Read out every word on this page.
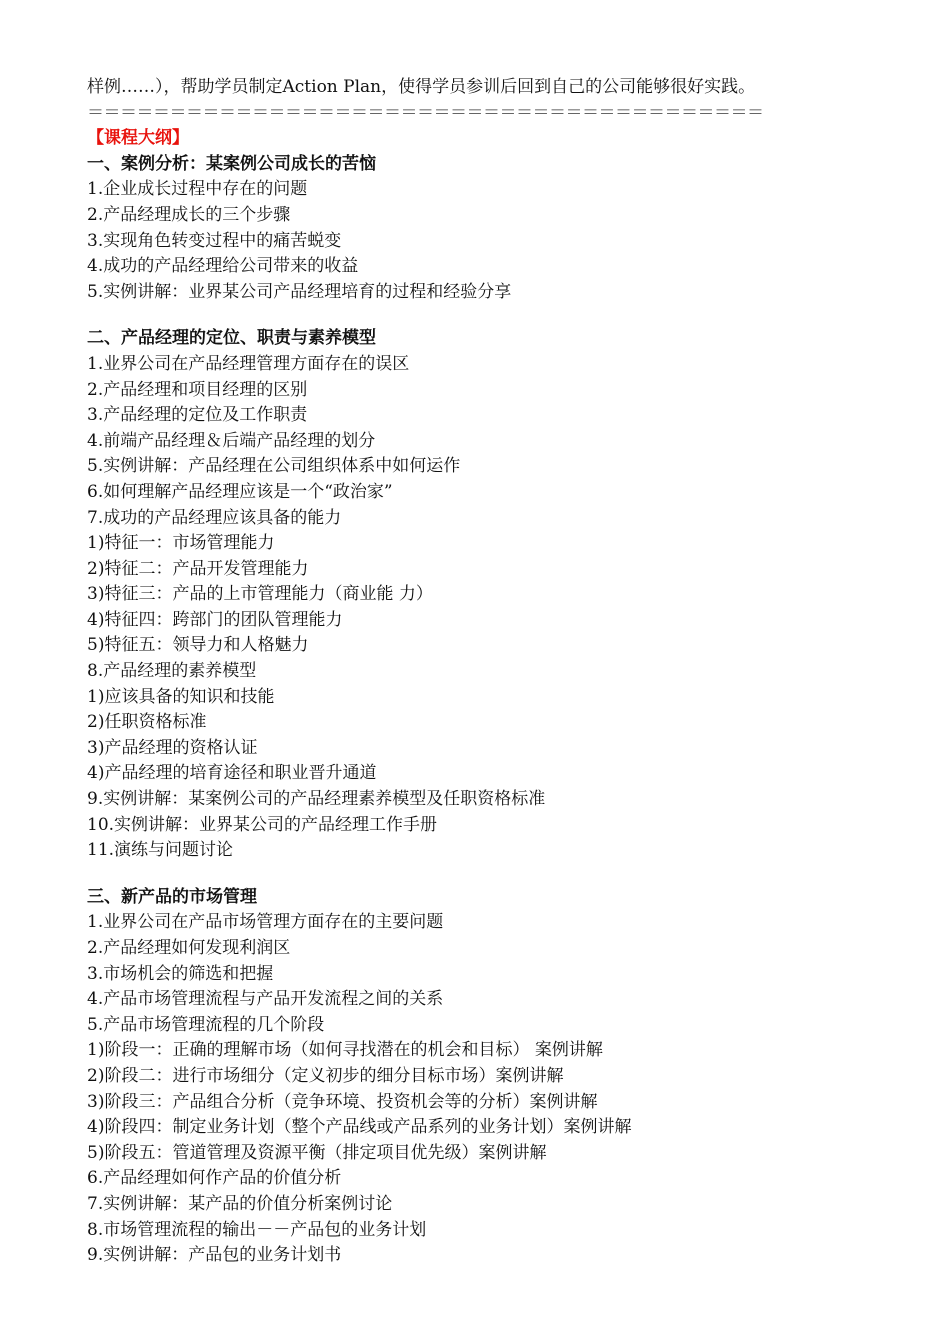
样例……），帮助学员制定Action Plan，使得学员参训后回到自己的公司能够很好实践。
＝＝＝＝＝＝＝＝＝＝＝＝＝＝＝＝＝＝＝＝＝＝＝＝＝＝＝＝＝＝＝＝＝＝＝＝＝＝＝＝＝
【课程大纲】
一、案例分析：某案例公司成长的苦恼
1.企业成长过程中存在的问题
2.产品经理成长的三个步骤
3.实现角色转变过程中的痛苦蜕变
4.成功的产品经理给公司带来的收益
5.实例讲解：业界某公司产品经理培育的过程和经验分享
二、产品经理的定位、职责与素养模型
1.业界公司在产品经理管理方面存在的误区
2.产品经理和项目经理的区别
3.产品经理的定位及工作职责
4.前端产品经理＆后端产品经理的划分
5.实例讲解：产品经理在公司组织体系中如何运作
6.如何理解产品经理应该是一个“政治家”
7.成功的产品经理应该具备的能力
1)特征一：市场管理能力
2)特征二：产品开发管理能力
3)特征三：产品的上市管理能力（商业能 力）
4)特征四：跨部门的团队管理能力
5)特征五：领导力和人格魅力
8.产品经理的素养模型
1)应该具备的知识和技能
2)任职资格标准
3)产品经理的资格认证
4)产品经理的培育途径和职业晋升通道
9.实例讲解：某案例公司的产品经理素养模型及任职资格标准
10.实例讲解：业界某公司的产品经理工作手册
11.演练与问题讨论
三、新产品的市场管理
1.业界公司在产品市场管理方面存在的主要问题
2.产品经理如何发现利润区
3.市场机会的筛选和把握
4.产品市场管理流程与产品开发流程之间的关系
5.产品市场管理流程的几个阶段
1)阶段一：正确的理解市场（如何寻找潜在的机会和目标） 案例讲解
2)阶段二：进行市场细分（定义初步的细分目标市场）案例讲解
3)阶段三：产品组合分析（竞争环境、投资机会等的分析）案例讲解
4)阶段四：制定业务计划（整个产品线或产品系列的业务计划）案例讲解
5)阶段五：管道管理及资源平衡（排定项目优先级）案例讲解
6.产品经理如何作产品的价值分析
7.实例讲解：某产品的价值分析案例讨论
8.市场管理流程的输出－－产品包的业务计划
9.实例讲解：产品包的业务计划书
